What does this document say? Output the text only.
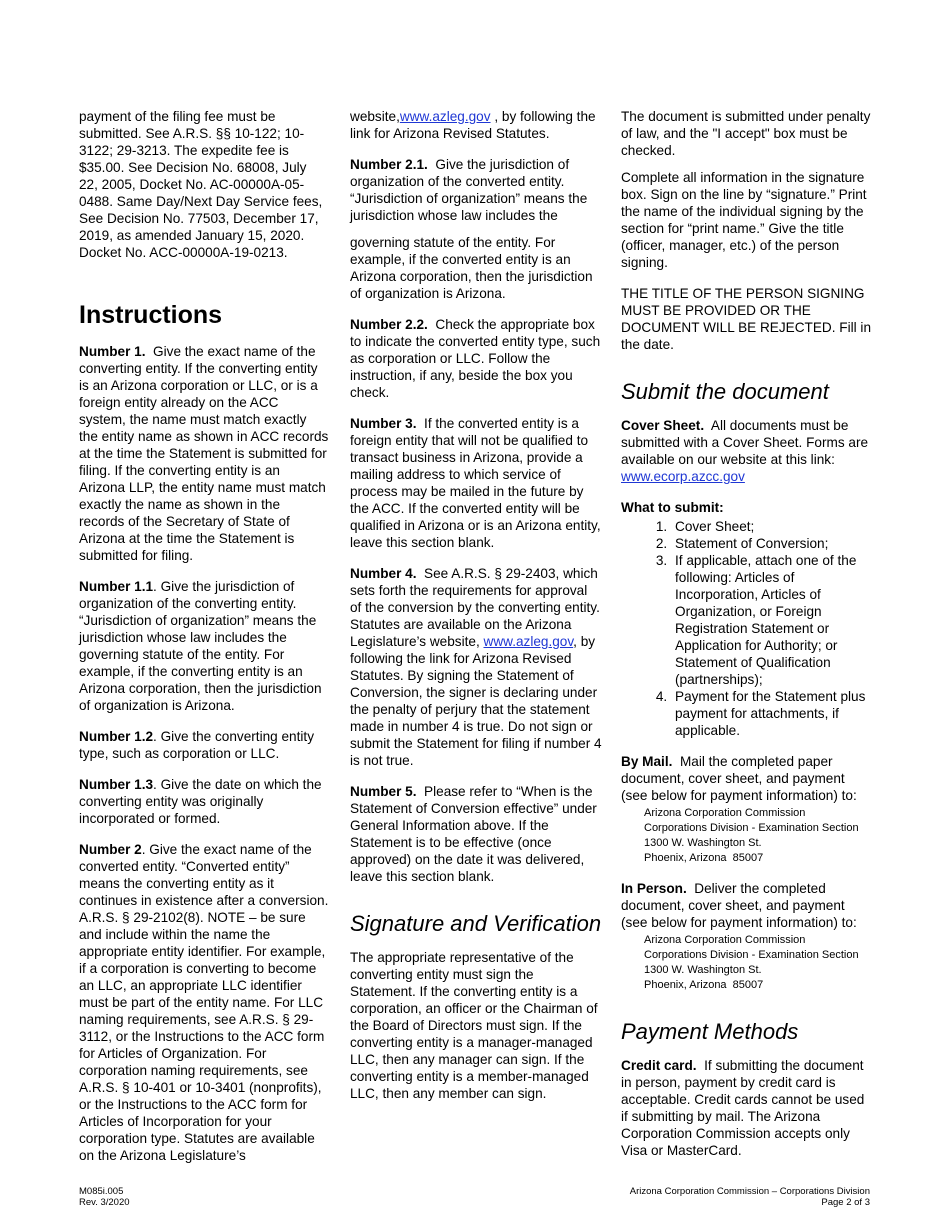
payment of the filing fee must be submitted. See A.R.S. §§ 10-122; 10-3122; 29-3213. The expedite fee is $35.00. See Decision No. 68008, July 22, 2005, Docket No. AC-00000A-05-0488. Same Day/Next Day Service fees, See Decision No. 77503, December 17, 2019, as amended January 15, 2020. Docket No. ACC-00000A-19-0213.

Instructions

Number 1. Give the exact name of the converting entity. If the converting entity is an Arizona corporation or LLC, or is a foreign entity already on the ACC system, the name must match exactly the entity name as shown in ACC records at the time the Statement is submitted for filing. If the converting entity is an Arizona LLP, the entity name must match exactly the name as shown in the records of the Secretary of State of Arizona at the time the Statement is submitted for filing.

Number 1.1. Give the jurisdiction of organization of the converting entity. “Jurisdiction of organization” means the jurisdiction whose law includes the governing statute of the entity. For example, if the converting entity is an Arizona corporation, then the jurisdiction of organization is Arizona.

Number 1.2. Give the converting entity type, such as corporation or LLC.

Number 1.3. Give the date on which the converting entity was originally incorporated or formed.

Number 2. Give the exact name of the converted entity. “Converted entity” means the converting entity as it continues in existence after a conversion. A.R.S. § 29-2102(8). NOTE – be sure and include within the name the appropriate entity identifier. For example, if a corporation is converting to become an LLC, an appropriate LLC identifier must be part of the entity name. For LLC naming requirements, see A.R.S. § 29-3112, or the Instructions to the ACC form for Articles of Organization. For corporation naming requirements, see A.R.S. § 10-401 or 10-3401 (nonprofits), or the Instructions to the ACC form for Articles of Incorporation for your corporation type. Statutes are available on the Arizona Legislature’s

website,www.azleg.gov , by following the link for Arizona Revised Statutes.

Number 2.1. Give the jurisdiction of organization of the converted entity. “Jurisdiction of organization” means the jurisdiction whose law includes the

governing statute of the entity. For example, if the converted entity is an Arizona corporation, then the jurisdiction of organization is Arizona.

Number 2.2. Check the appropriate box to indicate the converted entity type, such as corporation or LLC. Follow the instruction, if any, beside the box you check.

Number 3. If the converted entity is a foreign entity that will not be qualified to transact business in Arizona, provide a mailing address to which service of process may be mailed in the future by the ACC. If the converted entity will be qualified in Arizona or is an Arizona entity, leave this section blank.

Number 4. See A.R.S. § 29-2403, which sets forth the requirements for approval of the conversion by the converting entity. Statutes are available on the Arizona Legislature’s website, www.azleg.gov, by following the link for Arizona Revised Statutes. By signing the Statement of Conversion, the signer is declaring under the penalty of perjury that the statement made in number 4 is true. Do not sign or submit the Statement for filing if number 4 is not true.

Number 5. Please refer to “When is the Statement of Conversion effective” under General Information above. If the Statement is to be effective (once approved) on the date it was delivered, leave this section blank.

Signature and Verification

The appropriate representative of the converting entity must sign the Statement. If the converting entity is a corporation, an officer or the Chairman of the Board of Directors must sign. If the converting entity is a manager-managed LLC, then any manager can sign. If the converting entity is a member-managed LLC, then any member can sign.

The document is submitted under penalty of law, and the "I accept" box must be checked.

Complete all information in the signature box. Sign on the line by “signature.” Print the name of the individual signing by the section for “print name.” Give the title (officer, manager, etc.) of the person signing.

THE TITLE OF THE PERSON SIGNING MUST BE PROVIDED OR THE DOCUMENT WILL BE REJECTED. Fill in the date.

Submit the document

Cover Sheet. All documents must be submitted with a Cover Sheet. Forms are available on our website at this link: www.ecorp.azcc.gov

What to submit:
1. Cover Sheet;
2. Statement of Conversion;
3. If applicable, attach one of the following: Articles of Incorporation, Articles of Organization, or Foreign Registration Statement or Application for Authority; or Statement of Qualification (partnerships);
4. Payment for the Statement plus payment for attachments, if applicable.

By Mail. Mail the completed paper document, cover sheet, and payment (see below for payment information) to:

Arizona Corporation Commission
Corporations Division - Examination Section
1300 W. Washington St.
Phoenix, Arizona  85007

In Person. Deliver the completed document, cover sheet, and payment (see below for payment information) to:

Arizona Corporation Commission
Corporations Division - Examination Section
1300 W. Washington St.
Phoenix, Arizona  85007
Payment Methods

Credit card. If submitting the document in person, payment by credit card is acceptable. Credit cards cannot be used if submitting by mail. The Arizona Corporation Commission accepts only Visa or MasterCard.

M085i.005
Rev. 3/2020
Arizona Corporation Commission – Corporations Division
Page 2 of 3
